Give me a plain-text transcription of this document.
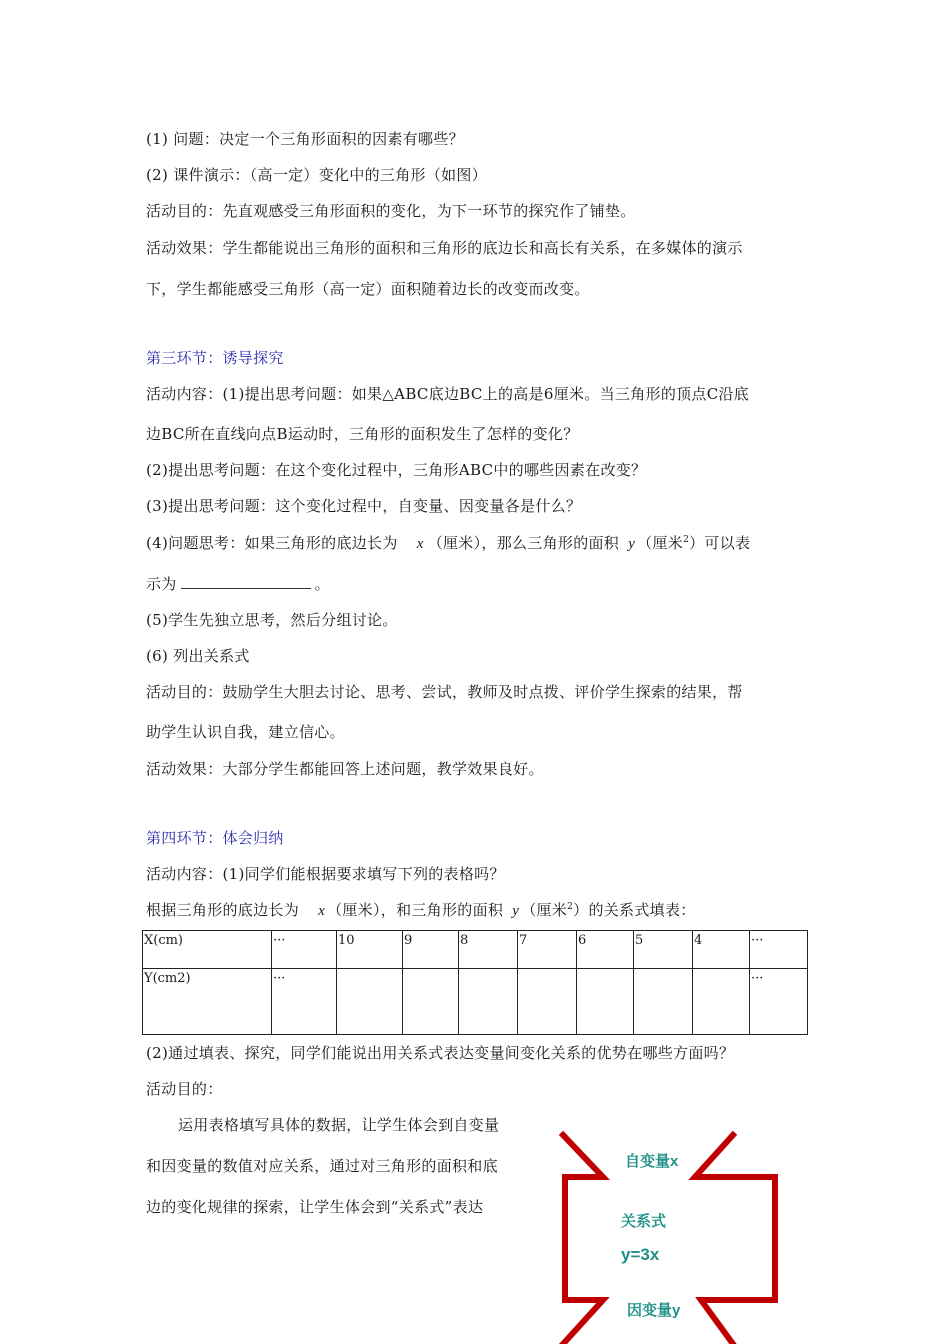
(1) 问题：决定一个三角形面积的因素有哪些？
(2) 课件演示：（高一定）变化中的三角形（如图）
活动目的：先直观感受三角形面积的变化，为下一环节的探究作了铺垫。
活动效果：学生都能说出三角形的面积和三角形的底边长和高长有关系，在多媒体的演示
下，学生都能感受三角形（高一定）面积随着边长的改变而改变。
第三环节：诱导探究
活动内容：(1)提出思考问题：如果△ABC底边BC上的高是6厘米。当三角形的顶点C沿底
边BC所在直线向点B运动时，三角形的面积发生了怎样的变化？
(2)提出思考问题：在这个变化过程中，三角形ABC中的哪些因素在改变？
(3)提出思考问题：这个变化过程中，自变量、因变量各是什么？
(4)问题思考：如果三角形的底边长为 x （厘米），那么三角形的面积 y （厘米$^2$）可以表
示为	。
(5)学生先独立思考，然后分组讨论。
(6) 列出关系式
活动目的：鼓励学生大胆去讨论、思考、尝试，教师及时点拨、评价学生探索的结果，帮
助学生认识自我，建立信心。
活动效果：大部分学生都能回答上述问题，教学效果良好。
第四环节：体会归纳
活动内容：(1)同学们能根据要求填写下列的表格吗？
根据三角形的底边长为 x （厘米），和三角形的面积 y （厘米$^2$）的关系式填表：
X(cm)	···	10	9	8	7	6	5	4	···
Y(cm2)	···								···
(2)通过填表、探究，同学们能说出用关系式表达变量间变化关系的优势在哪些方面吗？
活动目的：
运用表格填写具体的数据，让学生体会到自变量
和因变量的数值对应关系，通过对三角形的面积和底
边的变化规律的探索，让学生体会到“关系式”表达
自变量x
关系式
y=3x
因变量y
